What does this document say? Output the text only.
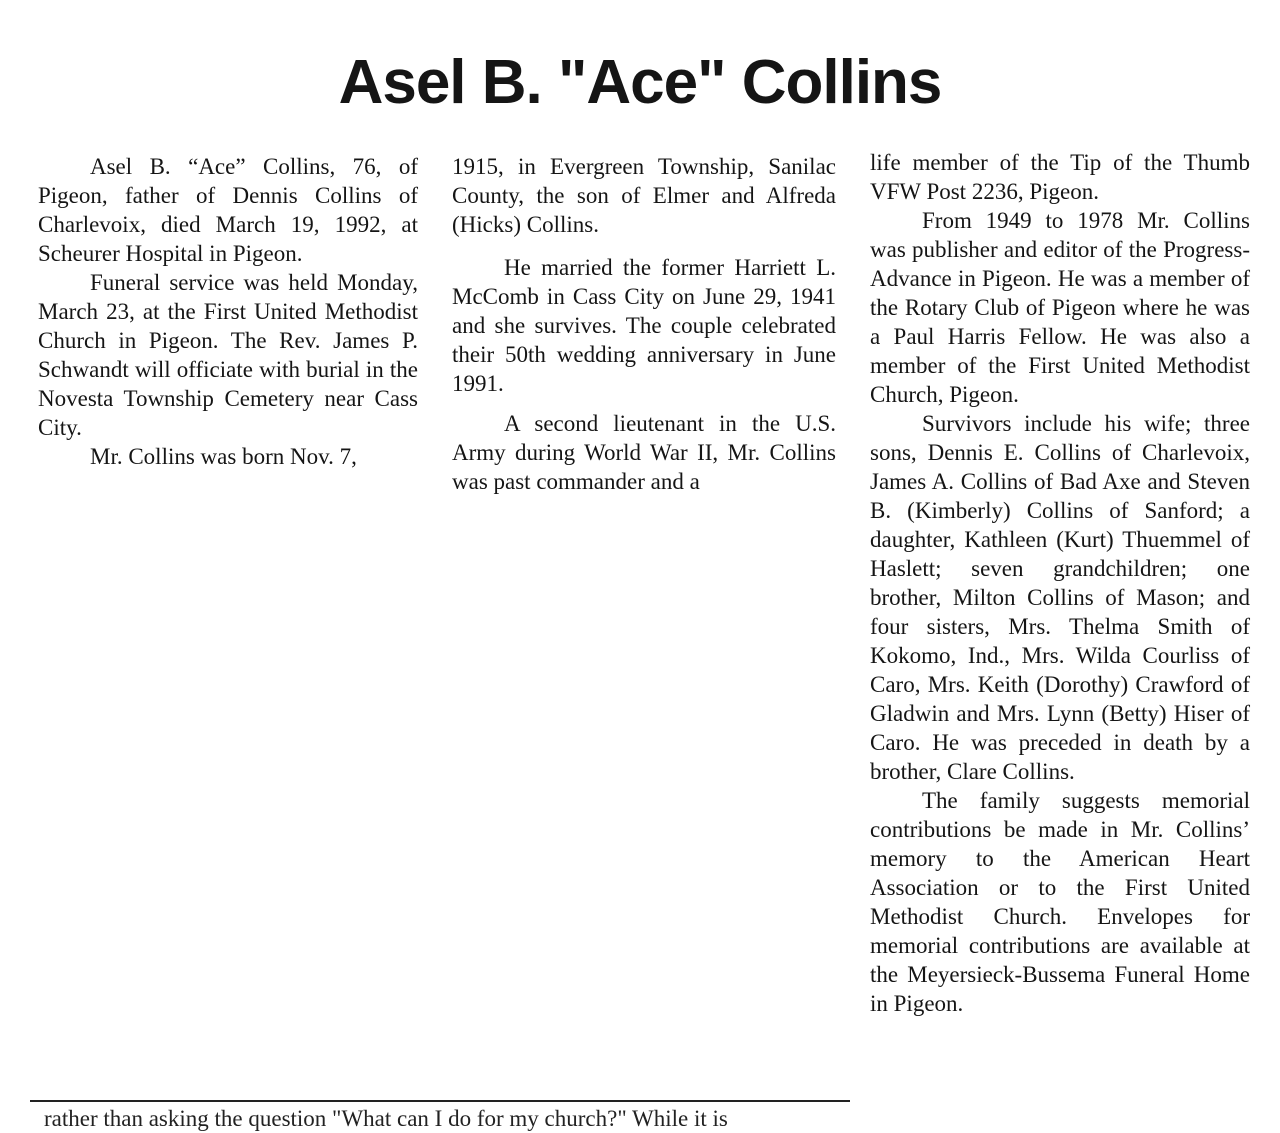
Asel B. "Ace" Collins

Asel B. “Ace” Collins, 76, of Pigeon, father of Dennis Collins of Charlevoix, died March 19, 1992, at Scheurer Hospital in Pigeon.

Funeral service was held Monday, March 23, at the First United Methodist Church in Pigeon. The Rev. James P. Schwandt will officiate with burial in the Novesta Township Cemetery near Cass City.

Mr. Collins was born Nov. 7,

1915, in Evergreen Township, Sanilac County, the son of Elmer and Alfreda (Hicks) Collins.

He married the former Harriett L. McComb in Cass City on June 29, 1941 and she survives. The couple celebrated their 50th wedding anniversary in June 1991.

A second lieutenant in the U.S. Army during World War II, Mr. Collins was past commander and a

life member of the Tip of the Thumb VFW Post 2236, Pigeon.

From 1949 to 1978 Mr. Collins was publisher and editor of the Progress-Advance in Pigeon. He was a member of the Rotary Club of Pigeon where he was a Paul Harris Fellow. He was also a member of the First United Methodist Church, Pigeon.

Survivors include his wife; three sons, Dennis E. Collins of Charlevoix, James A. Collins of Bad Axe and Steven B. (Kimberly) Collins of Sanford; a daughter, Kathleen (Kurt) Thuemmel of Haslett; seven grandchildren; one brother, Milton Collins of Mason; and four sisters, Mrs. Thelma Smith of Kokomo, Ind., Mrs. Wilda Courliss of Caro, Mrs. Keith (Dorothy) Crawford of Gladwin and Mrs. Lynn (Betty) Hiser of Caro. He was preceded in death by a brother, Clare Collins.

The family suggests memorial contributions be made in Mr. Collins’ memory to the American Heart Association or to the First United Methodist Church. Envelopes for memorial contributions are available at the Meyersieck-Bussema Funeral Home in Pigeon.

rather than asking the question "What can I do for my church?" While it is
